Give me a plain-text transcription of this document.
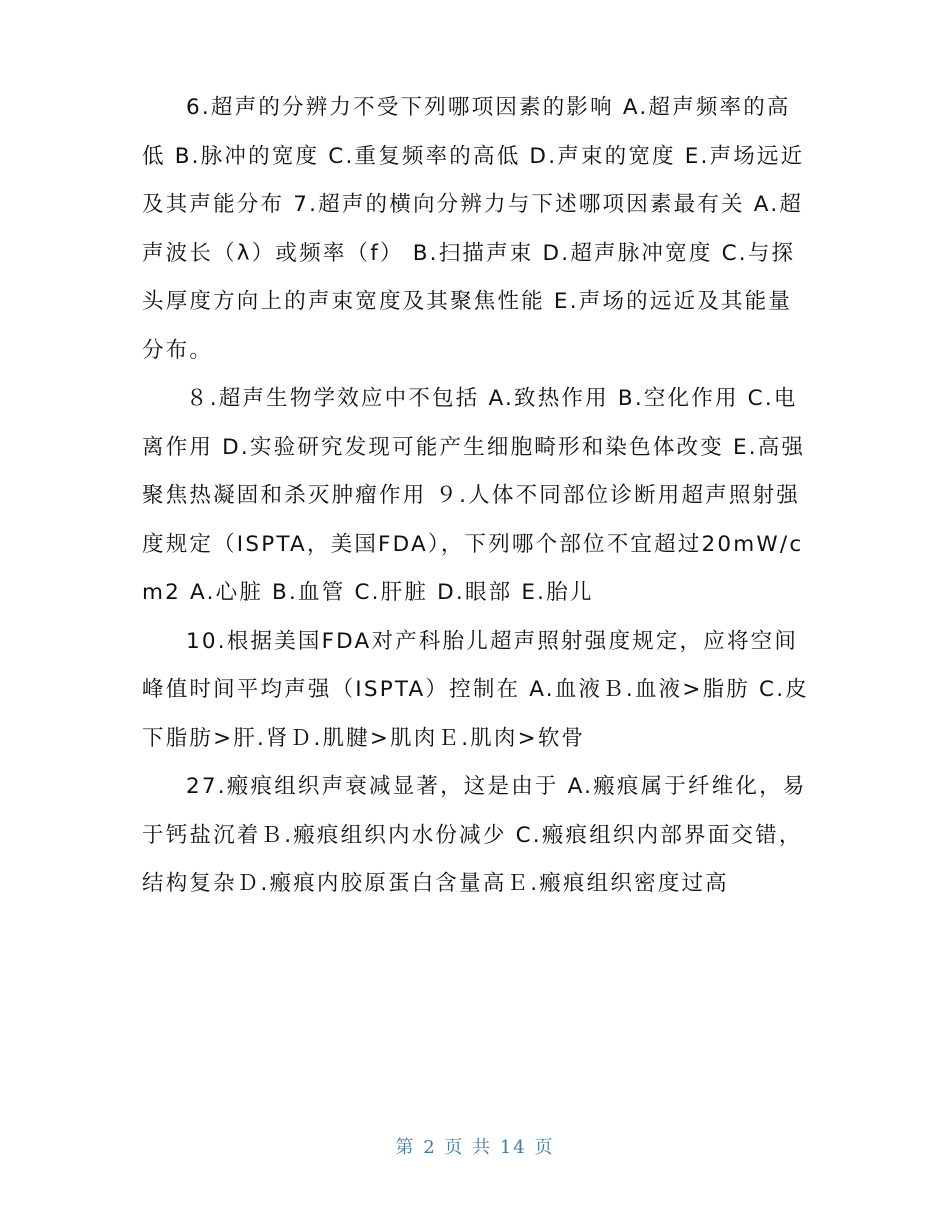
6.超声的分辨力不受下列哪项因素的影响 A.超声频率的高低 B.脉冲的宽度 C.重复频率的高低 D.声束的宽度 E.声场远近及其声能分布 7.超声的横向分辨力与下述哪项因素最有关 A.超声波长（λ）或频率（f） B.扫描声束 D.超声脉冲宽度 C.与探头厚度方向上的声束宽度及其聚焦性能 E.声场的远近及其能量分布。

８.超声生物学效应中不包括 A.致热作用 B.空化作用 C.电离作用 D.实验研究发现可能产生细胞畸形和染色体改变 E.高强聚焦热凝固和杀灭肿瘤作用 ９.人体不同部位诊断用超声照射强度规定（ISPTA，美国FDA），下列哪个部位不宜超过20mW/cm2 A.心脏 B.血管 C.肝脏 D.眼部 E.胎儿

10.根据美国FDA对产科胎儿超声照射强度规定，应将空间峰值时间平均声强（ISPTA）控制在 A.血液Ｂ.血液>脂肪 C.皮下脂肪>肝.肾Ｄ.肌腱>肌肉Ｅ.肌肉>软骨

27.瘢痕组织声衰减显著，这是由于 A.瘢痕属于纤维化，易于钙盐沉着Ｂ.瘢痕组织内水份减少 C.瘢痕组织内部界面交错，结构复杂Ｄ.瘢痕内胶原蛋白含量高Ｅ.瘢痕组织密度过高

第 2 页 共 14 页
